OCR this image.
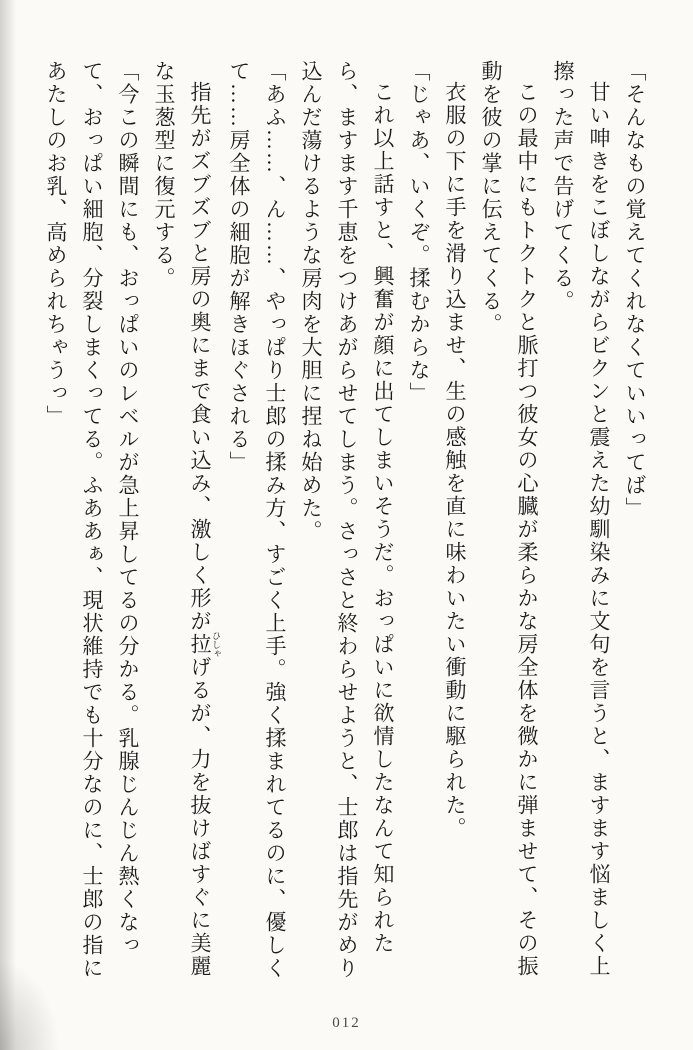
「そんなもの覚えてくれなくていいってば」

甘い呻きをこぼしながらビクンと震えた幼馴染みに文句を言うと、ますます悩ましく上擦った声で告げてくる。

この最中にもトクトクと脈打つ彼女の心臓が柔らかな房全体を微かに弾ませて、その振動を彼の掌に伝えてくる。

衣服の下に手を滑り込ませ、生の感触を直に味わいたい衝動に駆られた。

「じゃあ、いくぞ。揉むからな」

これ以上話すと、興奮が顔に出てしまいそうだ。おっぱいに欲情したなんて知られたら、ますます千恵をつけあがらせてしまう。さっさと終わらせようと、士郎は指先がめり込んだ蕩けるような房肉を大胆に捏ね始めた。

「あふ……、ん……、やっぱり士郎の揉み方、すごく上手。強く揉まれてるのに、優しくて……房全体の細胞が解きほぐされる」

指先がズブズブと房の奥にまで食い込み、激しく形が拉 ひしゃげるが、力を抜けばすぐに美麗な玉葱型に復元する。

「今この瞬間にも、おっぱいのレベルが急上昇してるの分かる。乳腺じんじん熱くなって、おっぱい細胞、分裂しまくってる。ふああぁ、現状維持でも十分なのに、士郎の指にあたしのお乳、高められちゃうっ」

012
